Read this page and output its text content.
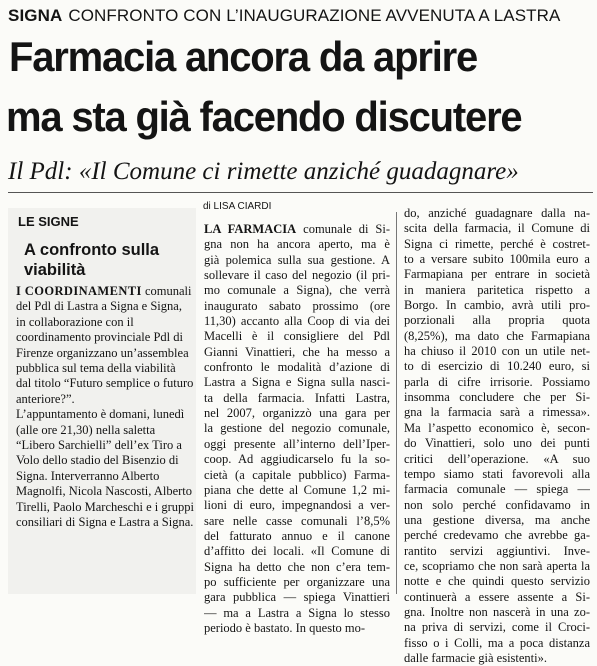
SIGNA CONFRONTO CON L’INAUGURAZIONE AVVENUTA A LASTRA
Farmacia ancora da aprire
ma sta già facendo discutere
Il Pdl: «Il Comune ci rimette anziché guadagnare»
LE SIGNE
A confronto sulla viabilità

I COORDINAMENTI comunali del Pdl di Lastra a Signa e Signa, in collaborazione con il coordinamento provinciale Pdl di Firenze organizzano un’assemblea pubblica sul tema della viabilità dal titolo “Futuro semplice o futuro anteriore?”.

L’appuntamento è domani, lunedì (alle ore 21,30) nella saletta “Libero Sarchielli” dell’ex Tiro a Volo dello stadio del Bisenzio di Signa. Interverranno Alberto Magnolfi, Nicola Nascosti, Alberto Tirelli, Paolo Marcheschi e i gruppi consiliari di Signa e Lastra a Signa.

di LISA CIARDI
LA FARMACIA comunale di Si-
gna non ha ancora aperto, ma è
già polemica sulla sua gestione. A
sollevare il caso del negozio (il pri-
mo comunale a Signa), che verrà
inaugurato sabato prossimo (ore
11,30) accanto alla Coop di via dei
Macelli è il consigliere del Pdl
Gianni Vinattieri, che ha messo a
confronto le modalità d’azione di
Lastra a Signa e Signa sulla nasci-
ta della farmacia. Infatti Lastra,
nel 2007, organizzò una gara per
la gestione del negozio comunale,
oggi presente all’interno dell’Iper-
coop. Ad aggiudicarselo fu la so-
cietà (a capitale pubblico) Farma-
piana che dette al Comune 1,2 mi-
lioni di euro, impegnandosi a ver-
sare nelle casse comunali l’8,5%
del fatturato annuo e il canone
d’affitto dei locali. «Il Comune di
Signa ha detto che non c’era tem-
po sufficiente per organizzare una
gara pubblica — spiega Vinattieri
— ma a Lastra a Signa lo stesso
periodo è bastato. In questo mo-
do, anziché guadagnare dalla na-
scita della farmacia, il Comune di
Signa ci rimette, perché è costret-
to a versare subito 100mila euro a
Farmapiana per entrare in società
in maniera paritetica rispetto a
Borgo. In cambio, avrà utili pro-
porzionali alla propria quota
(8,25%), ma dato che Farmapiana
ha chiuso il 2010 con un utile net-
to di esercizio di 10.240 euro, si
parla di cifre irrisorie. Possiamo
insomma concludere che per Si-
gna la farmacia sarà a rimessa».
Ma l’aspetto economico è, secon-
do Vinattieri, solo uno dei punti
critici dell’operazione. «A suo
tempo siamo stati favorevoli alla
farmacia comunale — spiega —
non solo perché confidavamo in
una gestione diversa, ma anche
perché credevamo che avrebbe ga-
rantito servizi aggiuntivi. Inve-
ce, scopriamo che non sarà aperta la
notte e che quindi questo servizio
continuerà a essere assente a Si-
gna. Inoltre non nascerà in una zo-
na priva di servizi, come il Croci-
fisso o i Colli, ma a poca distanza
dalle farmacie già esistenti».
